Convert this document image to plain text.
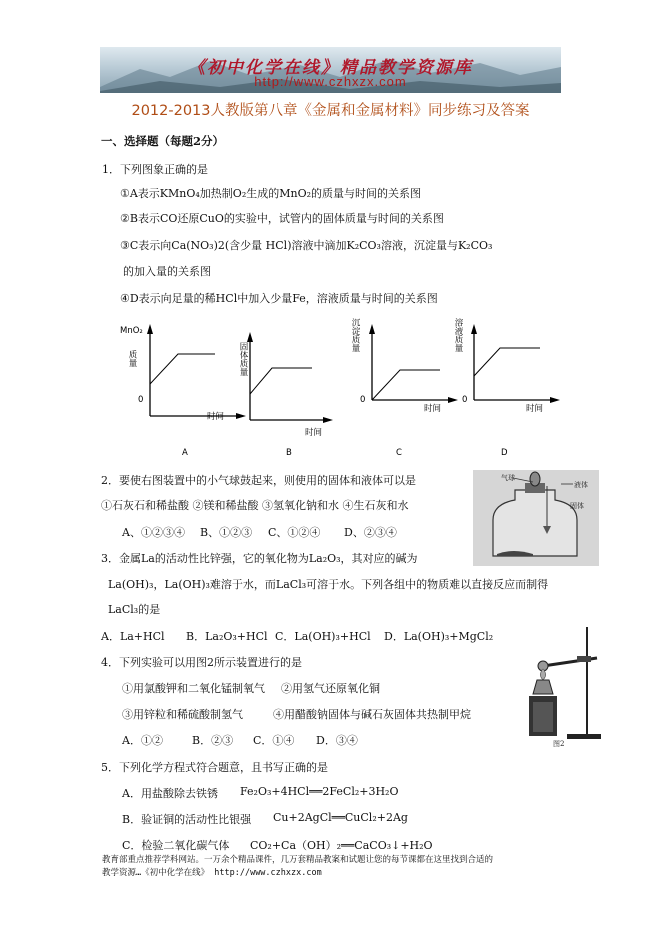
《初中化学在线》精品教学资源库
http://www.czhxzx.com
2012-2013人教版第八章《金属和金属材料》同步练习及答案
一、选择题（每题2分）
1．下列图象正确的是
①A表示KMnO₄加热制O₂生成的MnO₂的质量与时间的关系图
②B表示CO还原CuO的实验中，试管内的固体质量与时间的关系图
③C表示向Ca(NO₃)2(含少量 HCl)溶液中滴加K₂CO₃溶液，沉淀量与K₂CO₃
的加入量的关系图
④D表示向足量的稀HCl中加入少量Fe，溶液质量与时间的关系图
MnO₂
质量
0
时间
A
固体质量
时间
B
沉淀质量
0
时间
C
溶液质量
0
时间
D
2．要使右图装置中的小气球鼓起来，则使用的固体和液体可以是
①石灰石和稀盐酸 ②镁和稀盐酸 ③氢氧化钠和水 ④生石灰和水
A、①②③④ B、①②③ C、①②④ D、②③④
气球
液体
固体
3．金属La的活动性比锌强，它的氧化物为La₂O₃，其对应的碱为
La(OH)₃，La(OH)₃难溶于水，而LaCl₃可溶于水。下列各组中的物质难以直接反应而制得
LaCl₃的是
A．La+HCl B．La₂O₃+HCl C．La(OH)₃+HCl D．La(OH)₃+MgCl₂
4．下列实验可以用图2所示装置进行的是
①用氯酸钾和二氧化锰制氧气 ②用氢气还原氧化铜
③用锌粒和稀硫酸制氢气	④用醋酸钠固体与碱石灰固体共热制甲烷
A．①②	B．②③ C．①④ D．③④	图2
5．下列化学方程式符合题意，且书写正确的是
A．用盐酸除去铁锈 Fe₂O₃+4HCl══2FeCl₂+3H₂O
B．验证铜的活动性比银强 Cu+2AgCl══CuCl₂+2Ag
C．检验二氧化碳气体 CO₂+Ca（OH）₂══CaCO₃↓+H₂O
教育部重点推荐学科网站。一万余个精品课件，几万套精品教案和试题让您的每节课都在这里找到合适的
教学资源…《初中化学在线》 http://www.czhxzx.com
